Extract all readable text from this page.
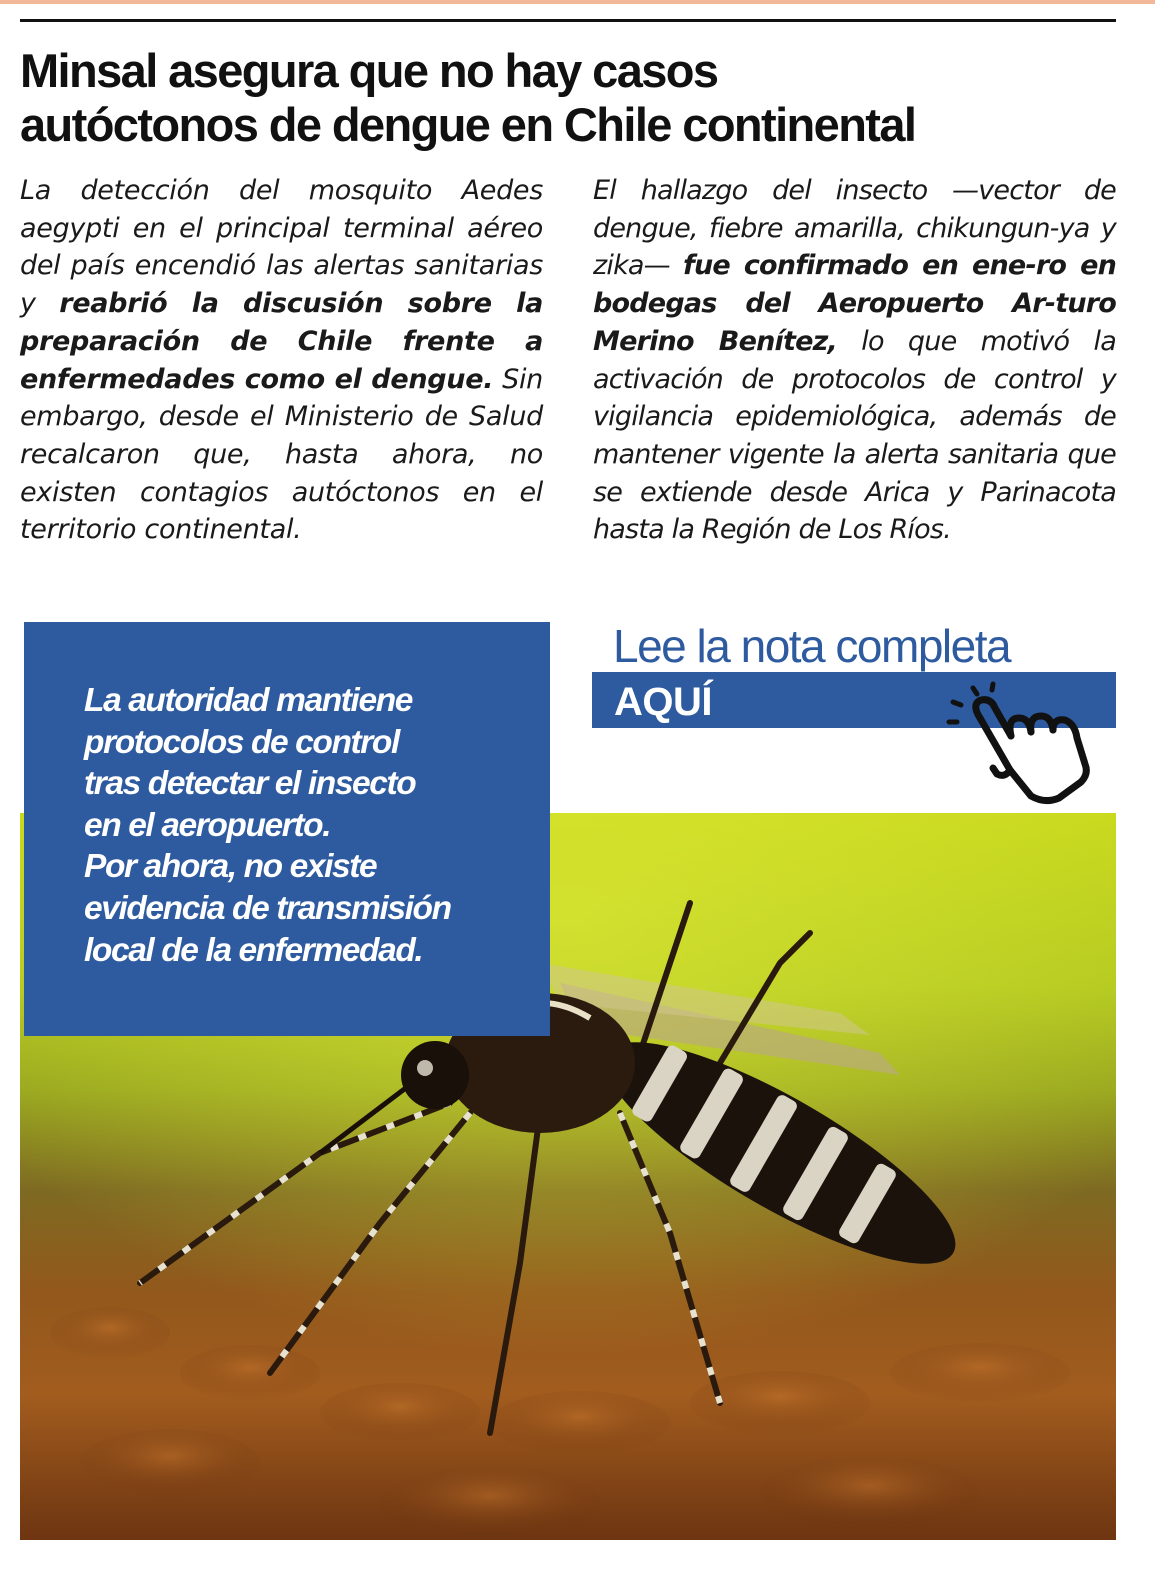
Minsal asegura que no hay casos
autóctonos de dengue en Chile continental

La detección del mosquito Aedes aegypti en el principal terminal aéreo del país encendió las alertas sanitarias y reabrió la discusión sobre la preparación de Chile frente a enfermedades como el dengue. Sin embargo, desde el Ministerio de Salud recalcaron que, hasta ahora, no existen contagios autóctonos en el territorio continental.

El hallazgo del insecto —vector de dengue, fiebre amarilla, chikungun-ya y zika— fue confirmado en ene-ro en bodegas del Aeropuerto Ar-turo Merino Benítez, lo que motivó la activación de protocolos de control y vigilancia epidemiológica, además de mantener vigente la alerta sanitaria que se extiende desde Arica y Parinacota hasta la Región de Los Ríos.

La autoridad mantiene
protocolos de control
tras detectar el insecto
en el aeropuerto.
Por ahora, no existe
evidencia de transmisión
local de la enfermedad.

Lee la nota completa
AQUÍ
